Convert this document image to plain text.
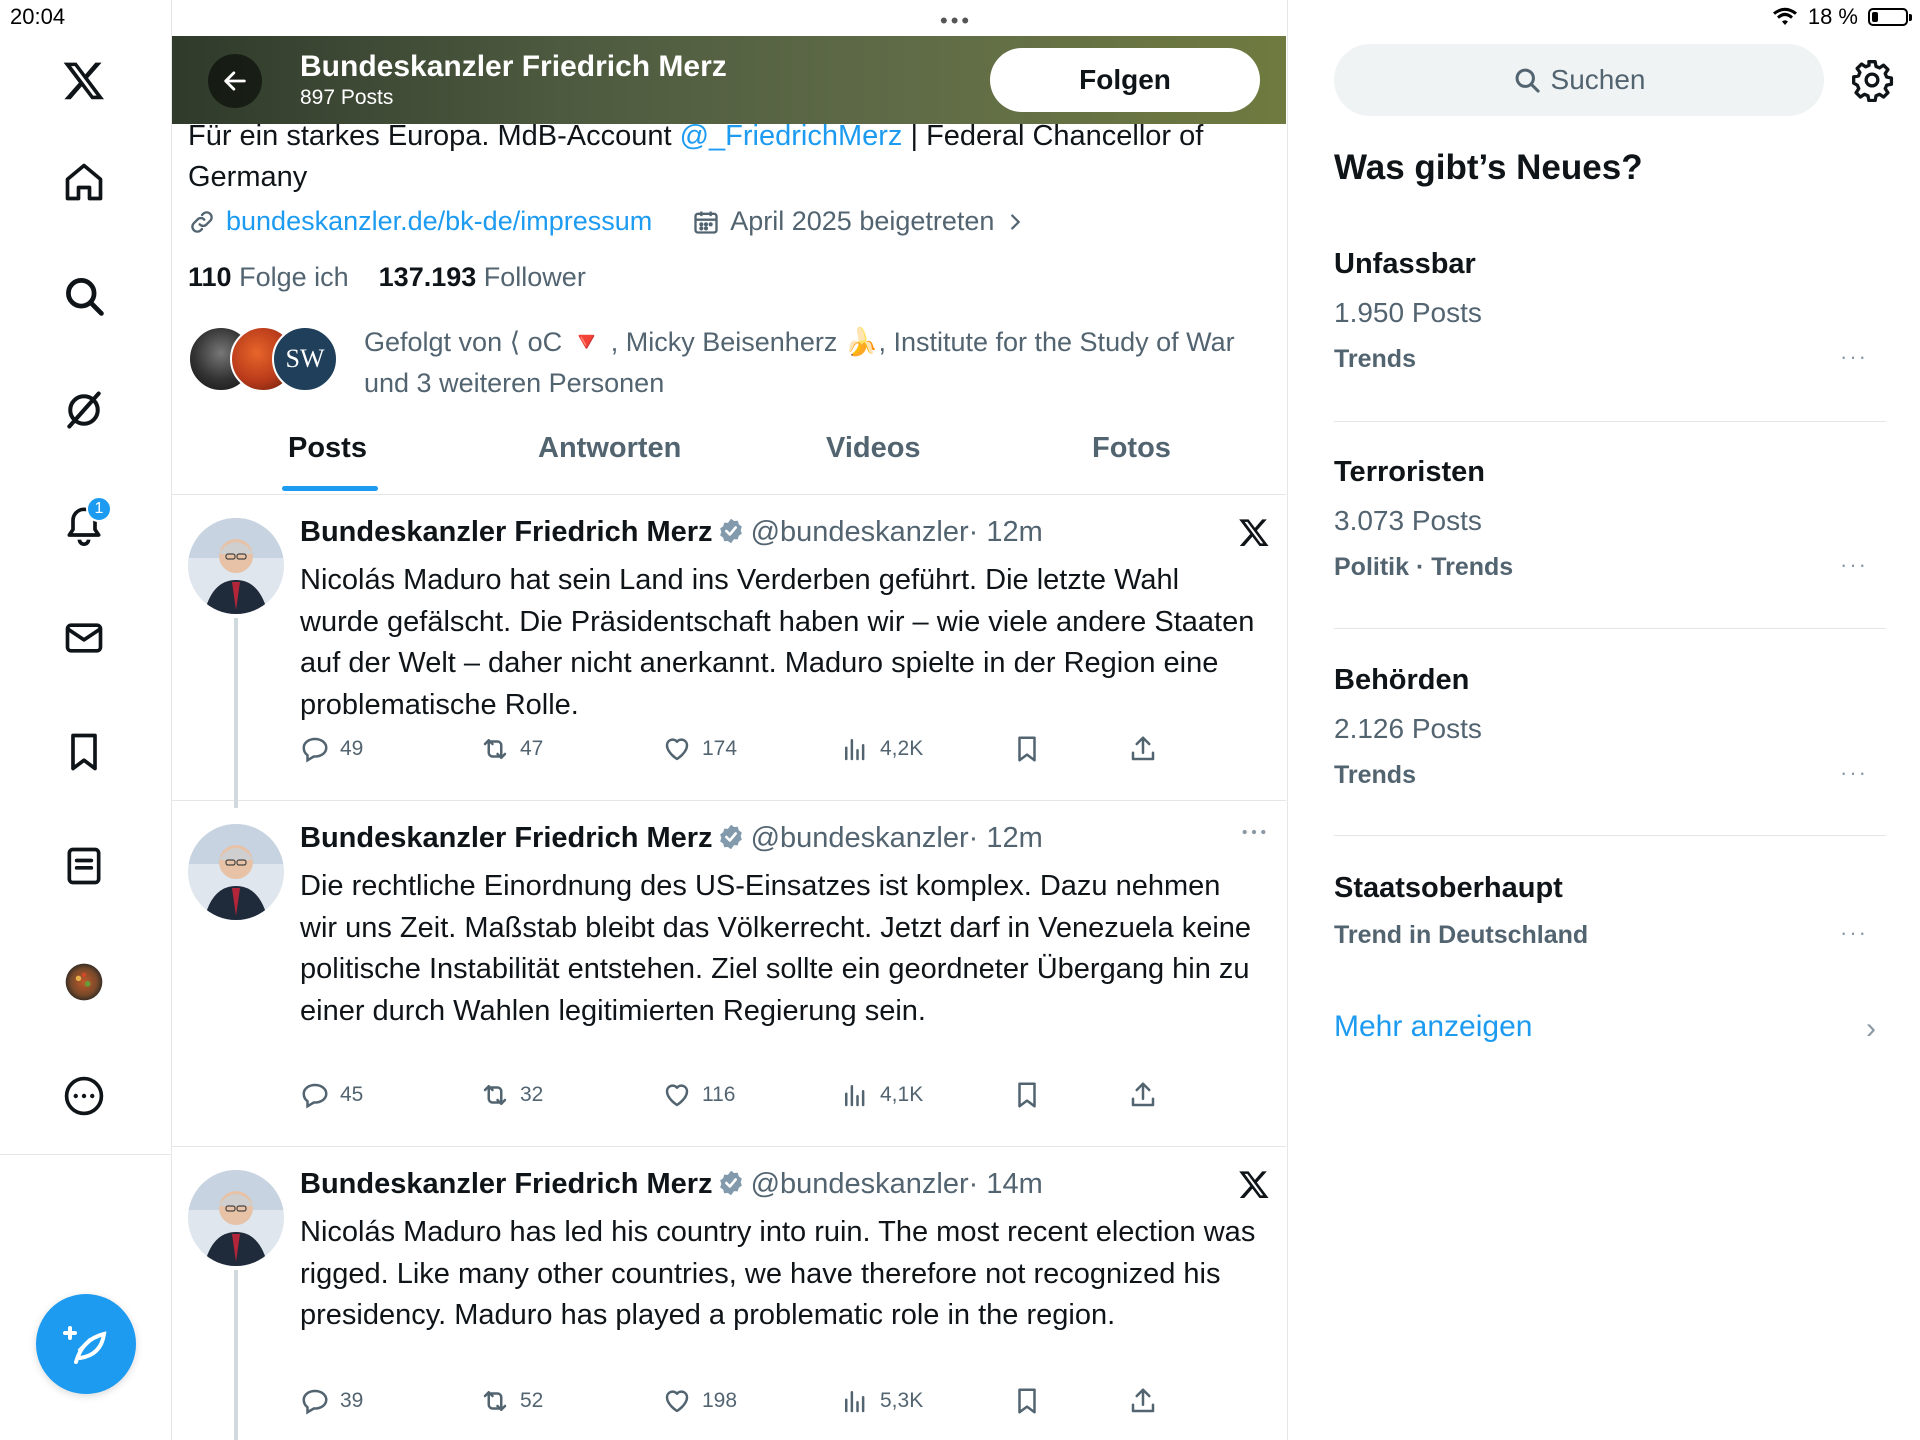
20:04	•••	18 %
1
Bundeskanzler Friedrich Merz
897 Posts
Folgen
Für ein starkes Europa. MdB-Account @_FriedrichMerz | Federal Chancellor of Germany
bundeskanzler.de/bk-de/impressum	April 2025 beigetreten
110 Folge ich 137.193 Follower
SW
Gefolgt von ⟨ oC 🔻 , Micky Beisenherz 🍌, Institute for the Study of War
und 3 weiteren Personen
Posts	Antworten	Videos	Fotos
Bundeskanzler Friedrich Merz @bundeskanzler· 12m
Nicolás Maduro hat sein Land ins Verderben geführt. Die letzte Wahl wurde gefälscht. Die Präsidentschaft haben wir – wie viele andere Staaten auf der Welt – daher nicht anerkannt. Maduro spielte in der Region eine problematische Rolle.
49	47	174	4,2K
Bundeskanzler Friedrich Merz @bundeskanzler· 12m
Die rechtliche Einordnung des US-Einsatzes ist komplex. Dazu nehmen wir uns Zeit. Maßstab bleibt das Völkerrecht. Jetzt darf in Venezuela keine politische Instabilität entstehen. Ziel sollte ein geordneter Übergang hin zu einer durch Wahlen legitimierten Regierung sein.
45	32	116	4,1K
Bundeskanzler Friedrich Merz @bundeskanzler· 14m
Nicolás Maduro has led his country into ruin. The most recent election was rigged. Like many other countries, we have therefore not recognized his presidency. Maduro has played a problematic role in the region.
39	52	198	5,3K
Suchen
Was gibt’s Neues?
Unfassbar
1.950 Posts
Trends	···
Terroristen
3.073 Posts
Politik · Trends	···
Behörden
2.126 Posts
Trends	···
Staatsoberhaupt
Trend in Deutschland	···
Mehr anzeigen	›
